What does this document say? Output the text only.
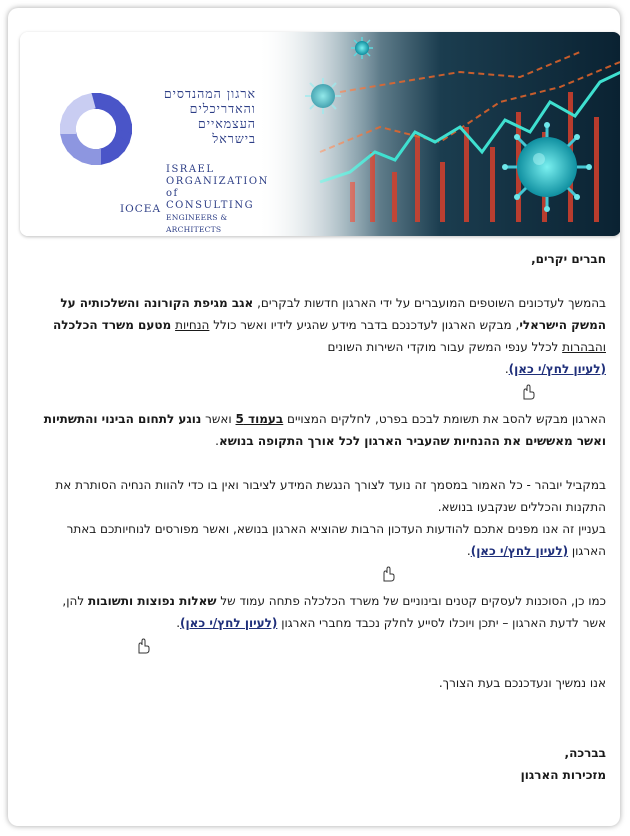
ארגון המהנדסים
והאדריכלים
העצמאיים
בישראל
ISRAEL
ORGANIZATION
of CONSULTING
ENGINEERS & ARCHITECTS
IOCEA

חברים יקרים,

בהמשך לעדכונים השוטפים המועברים על ידי הארגון חדשות לבקרים, אגב מגיפת הקורונה והשלכותיה על המשק הישראלי, מבקש הארגון לעדכנכם בדבר מידע שהגיע לידיו ואשר כולל הנחיות מטעם משרד הכלכלה והבהרות לכלל ענפי המשק עבור מוקדי השירות השונים
(לעיון לחץ/י כאן).

הארגון מבקש להסב את תשומת לבכם בפרט, לחלקים המצויים בעמוד 5 ואשר נוגע לתחום הבינוי והתשתיות ואשר מאששים את ההנחיות שהעביר הארגון לכל אורך התקופה בנושא.

במקביל יובהר - כל האמור במסמך זה נועד לצורך הנגשת המידע לציבור ואין בו כדי להוות הנחיה הסותרת את התקנות והכללים שנקבעו בנושא.
בעניין זה אנו מפנים אתכם להודעות העדכון הרבות שהוציא הארגון בנושא, ואשר מפורסים לנוחיותכם באתר הארגון (לעיון לחץ/י כאן).

כמו כן, הסוכנות לעסקים קטנים ובינוניים של משרד הכלכלה פתחה עמוד של שאלות נפוצות ותשובות להן, אשר לדעת הארגון – יתכן ויוכלו לסייע לחלק נכבד מחברי הארגון (לעיון לחץ/י כאן).

אנו נמשיך ונעדכנכם בעת הצורך.

בברכה,

מזכירות הארגון
